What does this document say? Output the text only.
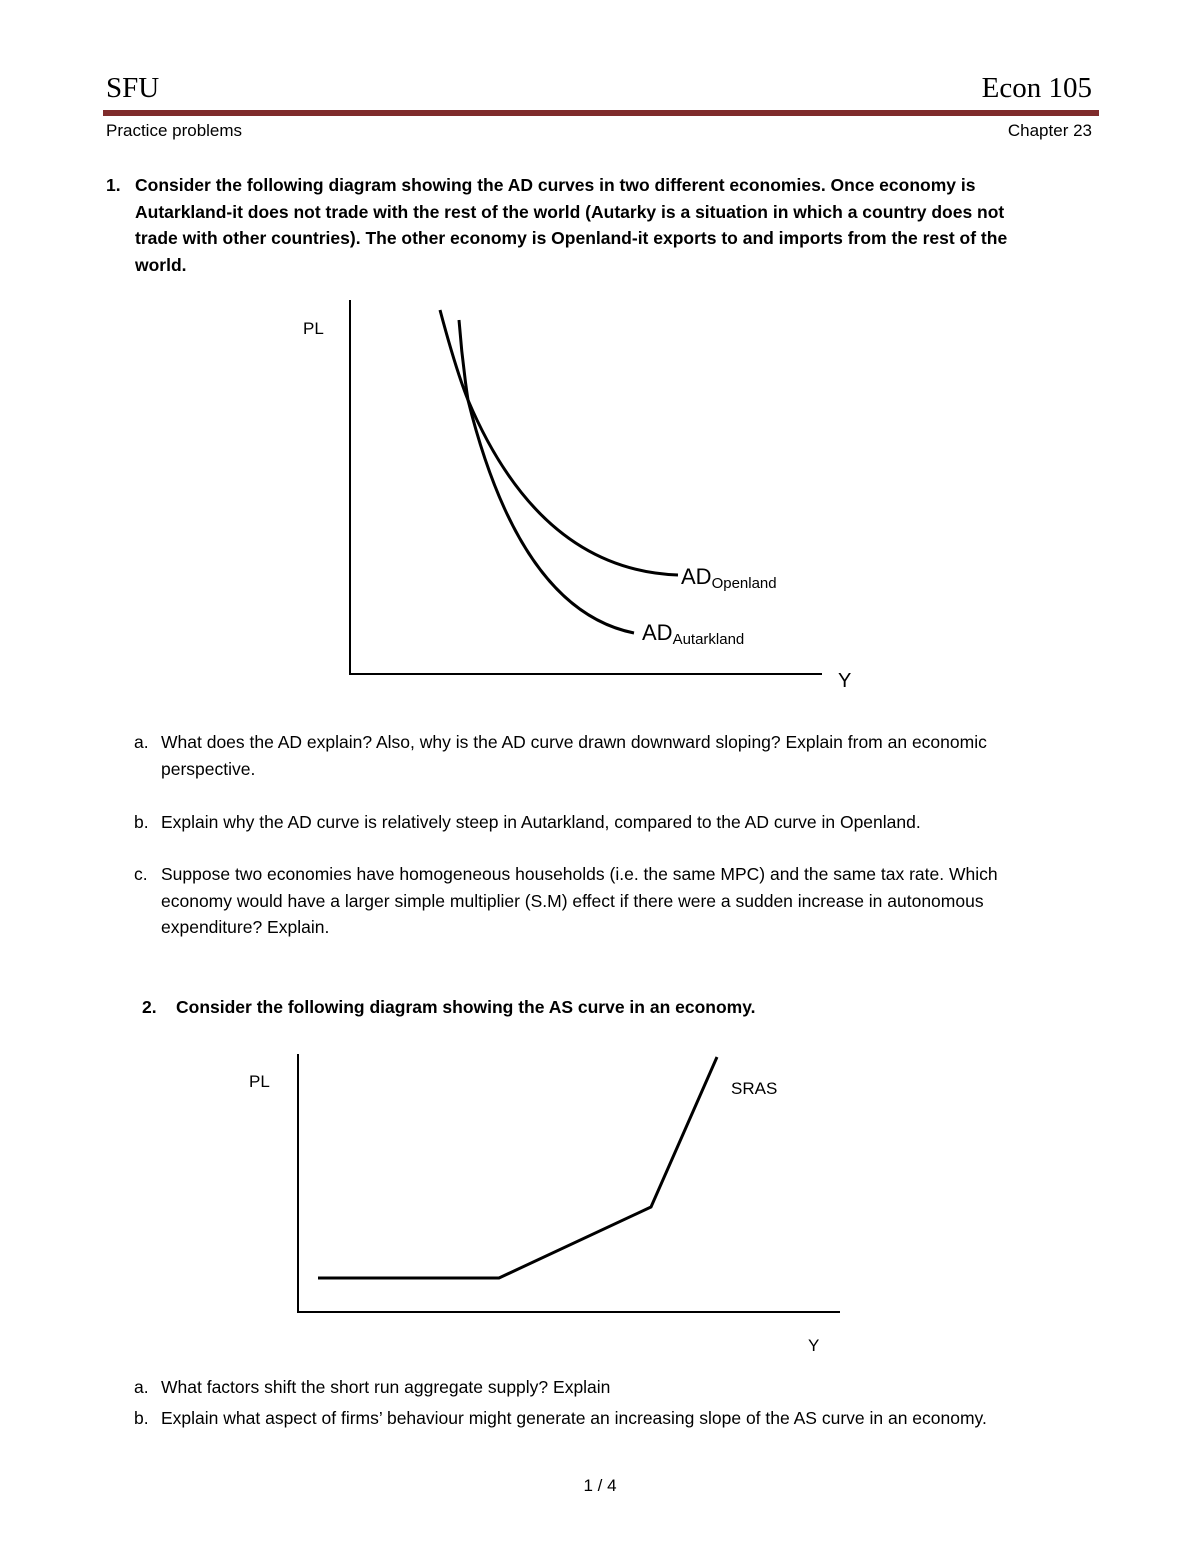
SFU	Econ 105
Practice problems	Chapter 23
1. Consider the following diagram showing the AD curves in two different economies. Once economy is
Autarkland-it does not trade with the rest of the world (Autarky is a situation in which a country does not
trade with other countries). The other economy is Openland-it exports to and imports from the rest of the
world.
PL
Y
ADOpenland
ADAutarkland
a. What does the AD explain? Also, why is the AD curve drawn downward sloping? Explain from an economic
perspective.
b. Explain why the AD curve is relatively steep in Autarkland, compared to the AD curve in Openland.
c. Suppose two economies have homogeneous households (i.e. the same MPC) and the same tax rate. Which
economy would have a larger simple multiplier (S.M) effect if there were a sudden increase in autonomous
expenditure? Explain.
2. Consider the following diagram showing the AS curve in an economy.
PL
Y
SRAS
a. What factors shift the short run aggregate supply? Explain
b. Explain what aspect of firms’ behaviour might generate an increasing slope of the AS curve in an economy.
1 / 4
